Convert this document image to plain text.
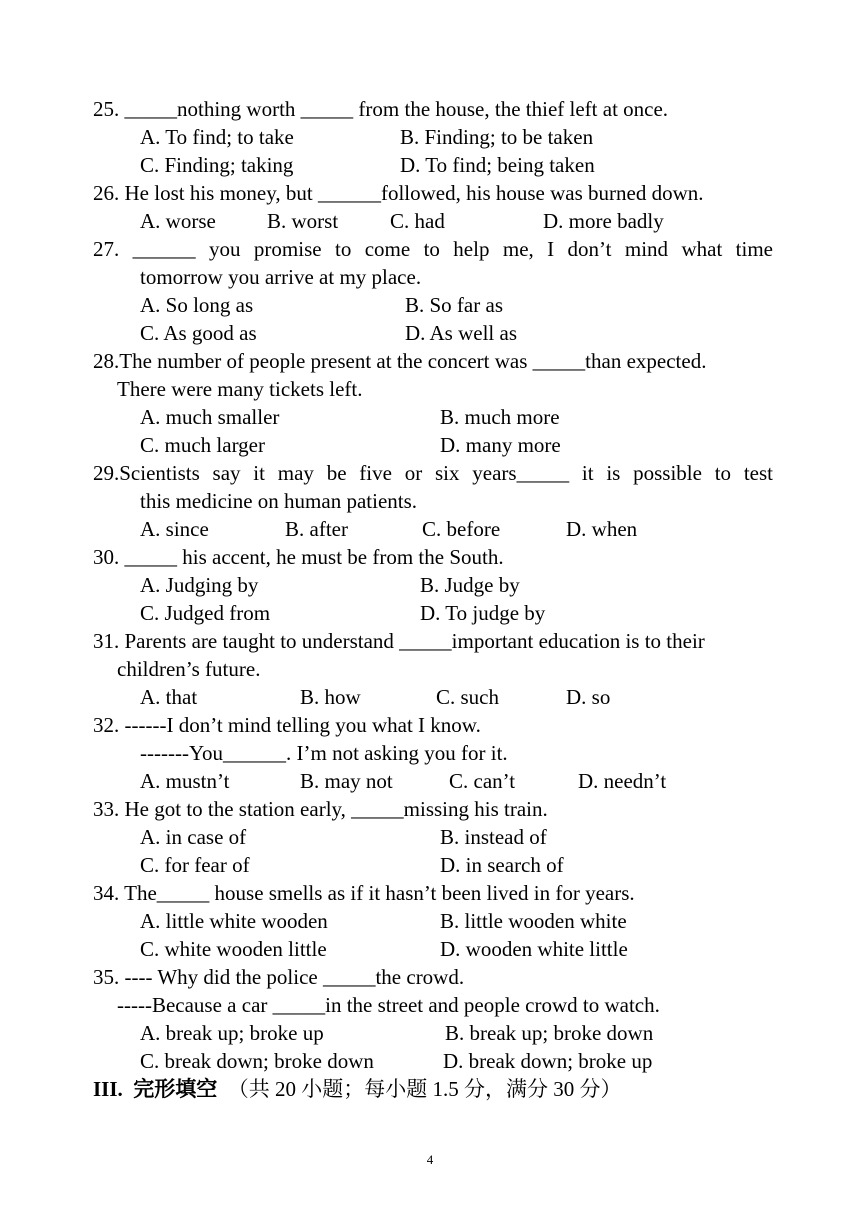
25. _____nothing worth _____ from the house, the thief left at once.
A. To find; to take	B. Finding; to be taken
C. Finding; taking	D. To find; being taken
26. He lost his money, but ______followed, his house was burned down.
A. worse B. worst C. had	D. more badly
27. ______ you promise to come to help me, I don’t mind what time
tomorrow you arrive at my place.
A. So long as	B. So far as
C. As good as	D. As well as
28.The number of people present at the concert was _____than expected.
There were many tickets left.
A. much smaller	B. much more
C. much larger	D. many more
29.Scientists say it may be five or six years_____ it is possible to test
this medicine on human patients.
A. since	B. after	C. before	D. when
30. _____ his accent, he must be from the South.
A. Judging by	B. Judge by
C. Judged from	D. To judge by
31. Parents are taught to understand _____important education is to their
children’s future.
A. that	B. how	C. such	D. so
32. ------I don’t mind telling you what I know.
-------You______. I’m not asking you for it.
A. mustn’t	B. may not	C. can’t	D. needn’t
33. He got to the station early, _____missing his train.
A. in case of	B. instead of
C. for fear of	D. in search of
34. The_____ house smells as if it hasn’t been lived in for years.
A. little white wooden	B. little wooden white
C. white wooden little	D. wooden white little
35. ---- Why did the police _____the crowd.
-----Because a car _____in the street and people crowd to watch.
A. break up; broke up	B. break up; broke down
C. break down; broke down	D. break down; broke up
III. 完形填空 （共 20 小题；每小题 1.5 分，满分 30 分）
4
